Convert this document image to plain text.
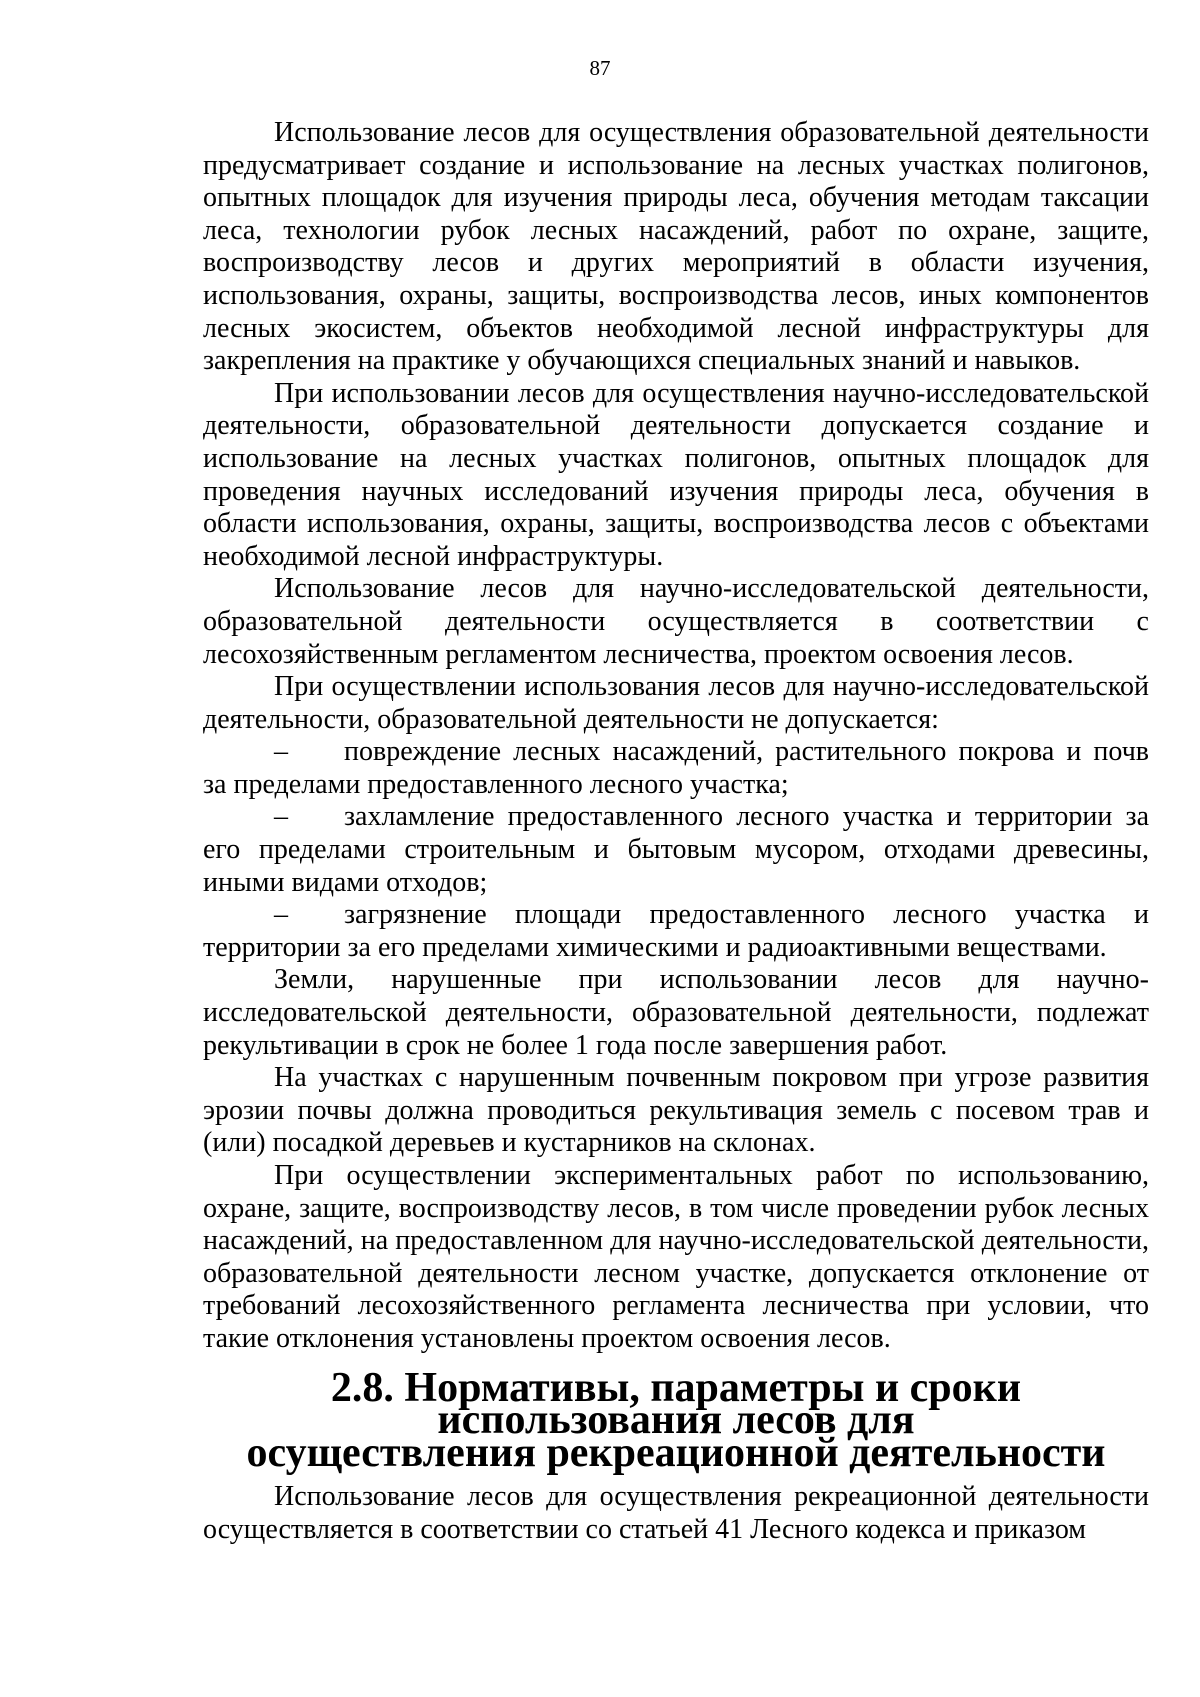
87

Использование лесов для осуществления образовательной деятельности предусматривает создание и использование на лесных участках полигонов, опытных площадок для изучения природы леса, обучения методам таксации леса, технологии рубок лесных насаждений, работ по охране, защите, воспроизводству лесов и других мероприятий в области изучения, использования, охраны, защиты, воспроизводства лесов, иных компонентов лесных экосистем, объектов необходимой лесной инфраструктуры для закрепления на практике у обучающихся специальных знаний и навыков.

При использовании лесов для осуществления научно-исследовательской деятельности, образовательной деятельности допускается создание и использование на лесных участках полигонов, опытных площадок для проведения научных исследований изучения природы леса, обучения в области использования, охраны, защиты, воспроизводства лесов с объектами необходимой лесной инфраструктуры.

Использование лесов для научно-исследовательской деятельности, образовательной деятельности осуществляется в соответствии с лесохозяйственным регламентом лесничества, проектом освоения лесов.

При осуществлении использования лесов для научно-исследовательской деятельности, образовательной деятельности не допускается:

– повреждение лесных насаждений, растительного покрова и почв за пределами предоставленного лесного участка;

– захламление предоставленного лесного участка и территории за его пределами строительным и бытовым мусором, отходами древесины, иными видами отходов;

– загрязнение площади предоставленного лесного участка и территории за его пределами химическими и радиоактивными веществами.

Земли, нарушенные при использовании лесов для научно-исследовательской деятельности, образовательной деятельности, подлежат рекультивации в срок не более 1 года после завершения работ.

На участках с нарушенным почвенным покровом при угрозе развития эрозии почвы должна проводиться рекультивация земель с посевом трав и (или) посадкой деревьев и кустарников на склонах.

При осуществлении экспериментальных работ по использованию, охране, защите, воспроизводству лесов, в том числе проведении рубок лесных насаждений, на предоставленном для научно-исследовательской деятельности, образовательной деятельности лесном участке, допускается отклонение от требований лесохозяйственного регламента лесничества при условии, что такие отклонения установлены проектом освоения лесов.

2.8. Нормативы, параметры и сроки использования лесов для
осуществления рекреационной деятельности

Использование лесов для осуществления рекреационной деятельности осуществляется в соответствии со статьей 41 Лесного кодекса и приказом
